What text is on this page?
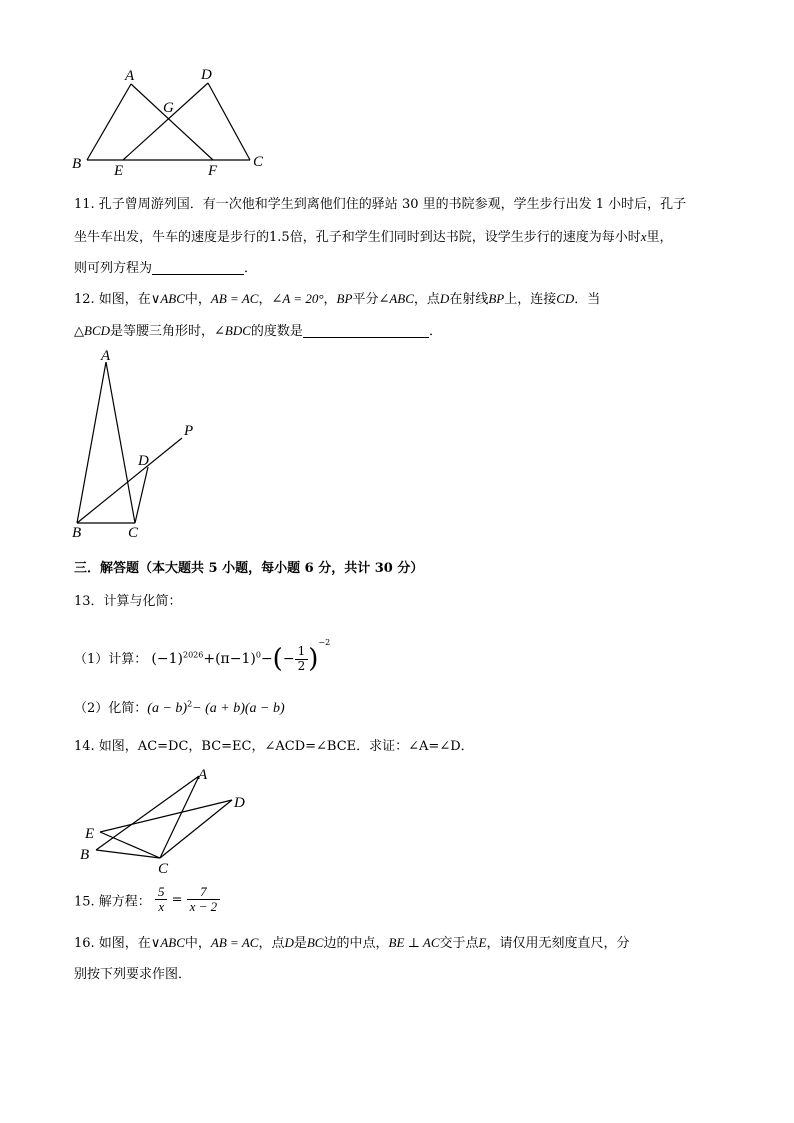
A	D
G
B E	F
C
11. 孔子曾周游列国．有一次他和学生到离他们住的驿站 30 里的书院参观，学生步行出发 1 小时后，孔子
坐牛车出发，牛车的速度是步行的1.5倍，孔子和学生们同时到达书院，设学生步行的速度为每小时x里，
则可列方程为	．
12. 如图，在∨ABC中，AB = AC，∠A = 20°，BP平分∠ABC，点D在射线BP上，连接CD．当
△BCD是等腰三角形时，∠BDC的度数是	．
A
P
D
B	C
三．解答题（本大题共 5 小题，每小题 6 分，共计 30 分）
13．计算与化简：
（1）计算： $(-1)^{2026}+(\pi-1)^0-(- \frac{1}{2} )^{-2}$
（2）化简：$(a - b)^2- (a + b)(a - b)$
14. 如图，AC=DC，BC=EC，∠ACD=∠BCE．求证：∠A=∠D．
A
D
E
B
C
15. 解方程： $\frac{5}{x} = \frac{7}{x - 2}$
16. 如图，在∨ABC中，AB = AC，点D是BC边的中点，BE ⊥ AC交于点E，请仅用无刻度直尺，分
别按下列要求作图．
